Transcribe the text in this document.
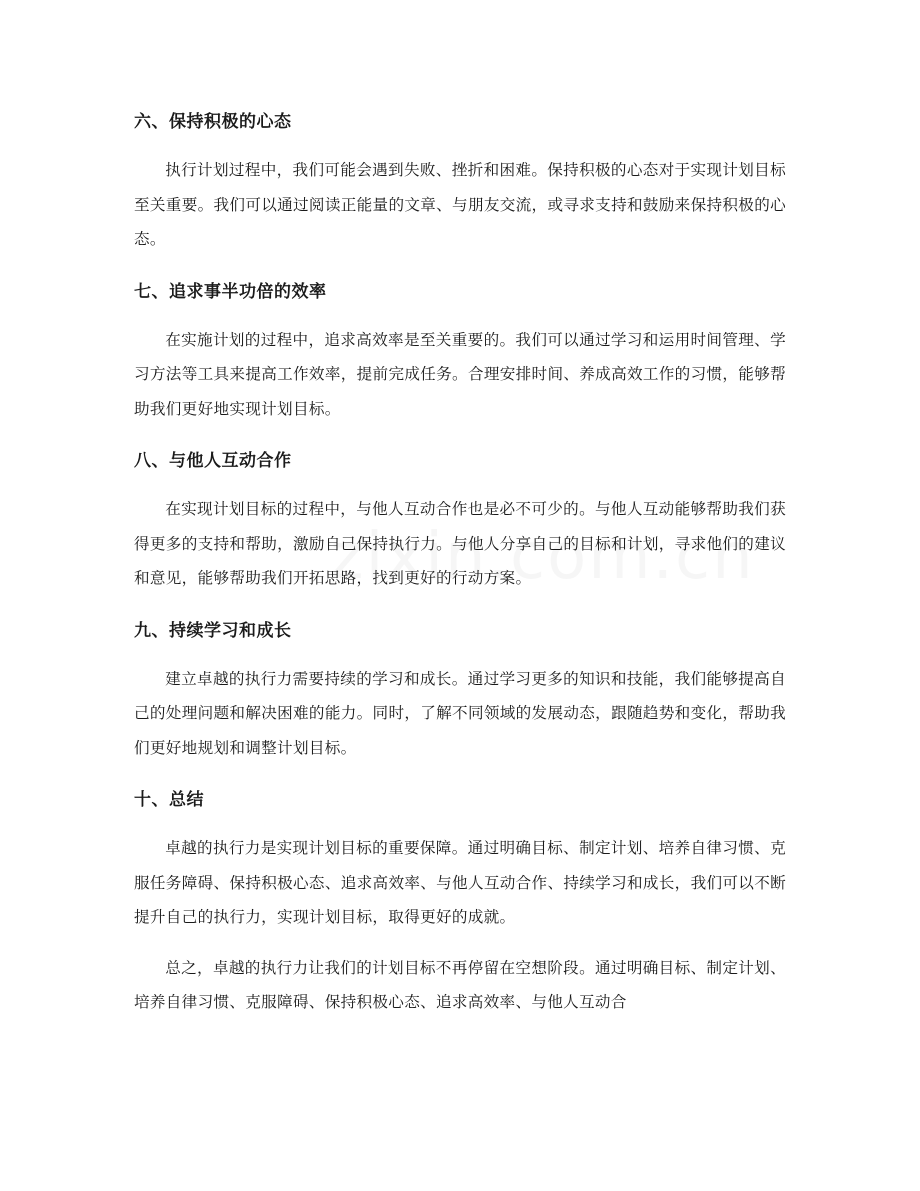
六、保持积极的心态

执行计划过程中，我们可能会遇到失败、挫折和困难。保持积极的心态对于实现计划目标至关重要。我们可以通过阅读正能量的文章、与朋友交流，或寻求支持和鼓励来保持积极的心态。

七、追求事半功倍的效率

在实施计划的过程中，追求高效率是至关重要的。我们可以通过学习和运用时间管理、学习方法等工具来提高工作效率，提前完成任务。合理安排时间、养成高效工作的习惯，能够帮助我们更好地实现计划目标。

八、与他人互动合作

在实现计划目标的过程中，与他人互动合作也是必不可少的。与他人互动能够帮助我们获得更多的支持和帮助，激励自己保持执行力。与他人分享自己的目标和计划，寻求他们的建议和意见，能够帮助我们开拓思路，找到更好的行动方案。

九、持续学习和成长

建立卓越的执行力需要持续的学习和成长。通过学习更多的知识和技能，我们能够提高自己的处理问题和解决困难的能力。同时，了解不同领域的发展动态，跟随趋势和变化，帮助我们更好地规划和调整计划目标。

十、总结

卓越的执行力是实现计划目标的重要保障。通过明确目标、制定计划、培养自律习惯、克服任务障碍、保持积极心态、追求高效率、与他人互动合作、持续学习和成长，我们可以不断提升自己的执行力，实现计划目标，取得更好的成就。

总之，卓越的执行力让我们的计划目标不再停留在空想阶段。通过明确目标、制定计划、培养自律习惯、克服障碍、保持积极心态、追求高效率、与他人互动合
